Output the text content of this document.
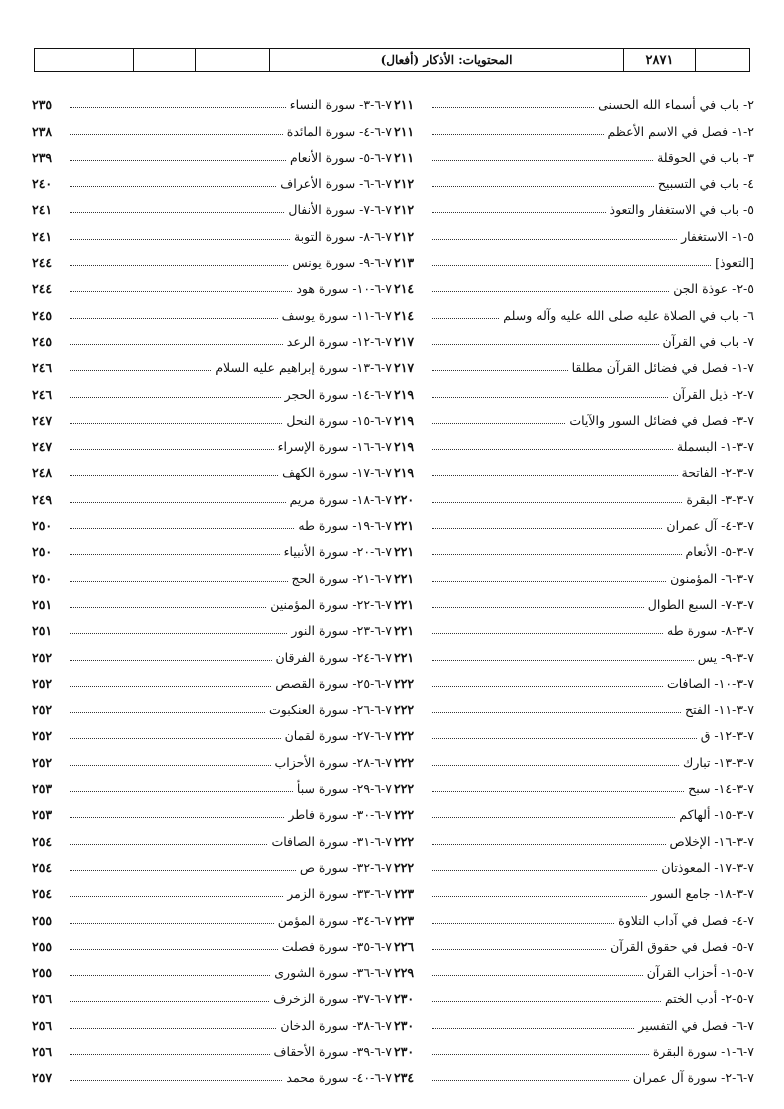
٢٨٧١
المحتويات: الأذكار (أفعال)
٢- باب في أسماء الله الحسنى
٢١١
٢-١- فصل في الاسم الأعظم
٢١١
٣- باب في الحوقلة
٢١١
٤- باب في التسبيح
٢١٢
٥- باب في الاستغفار والتعوذ
٢١٢
٥-١- الاستغفار
٢١٢
[التعوذ]
٢١٣
٥-٢- عوذة الجن
٢١٤
٦- باب في الصلاة عليه صلى الله عليه وآله وسلم
٢١٤
٧- باب في القرآن
٢١٧
٧-١- فصل في فضائل القرآن مطلقا
٢١٧
٧-٢- ذيل القرآن
٢١٩
٧-٣- فصل في فضائل السور والآيات
٢١٩
٧-٣-١- البسملة
٢١٩
٧-٣-٢- الفاتحة
٢١٩
٧-٣-٣- البقرة
٢٢٠
٧-٣-٤- آل عمران
٢٢١
٧-٣-٥- الأنعام
٢٢١
٧-٣-٦- المؤمنون
٢٢١
٧-٣-٧- السبع الطوال
٢٢١
٧-٣-٨- سورة طه
٢٢١
٧-٣-٩- يس
٢٢١
٧-٣-١٠- الصافات
٢٢٢
٧-٣-١١- الفتح
٢٢٢
٧-٣-١٢- ق
٢٢٢
٧-٣-١٣- تبارك
٢٢٢
٧-٣-١٤- سبح
٢٢٢
٧-٣-١٥- ألهاكم
٢٢٢
٧-٣-١٦- الإخلاص
٢٢٢
٧-٣-١٧- المعوذتان
٢٢٢
٧-٣-١٨- جامع السور
٢٢٣
٧-٤- فصل في آداب التلاوة
٢٢٣
٧-٥- فصل في حقوق القرآن
٢٢٦
٧-٥-١- أحزاب القرآن
٢٢٩
٧-٥-٢- أدب الختم
٢٣٠
٧-٦- فصل في التفسير
٢٣٠
٧-٦-١- سورة البقرة
٢٣٠
٧-٦-٢- سورة آل عمران
٢٣٤
٧-٦-٣- سورة النساء
٢٣٥
٧-٦-٤- سورة المائدة
٢٣٨
٧-٦-٥- سورة الأنعام
٢٣٩
٧-٦-٦- سورة الأعراف
٢٤٠
٧-٦-٧- سورة الأنفال
٢٤١
٧-٦-٨- سورة التوبة
٢٤١
٧-٦-٩- سورة يونس
٢٤٤
٧-٦-١٠- سورة هود
٢٤٤
٧-٦-١١- سورة يوسف
٢٤٥
٧-٦-١٢- سورة الرعد
٢٤٥
٧-٦-١٣- سورة إبراهيم عليه السلام
٢٤٦
٧-٦-١٤- سورة الحجر
٢٤٦
٧-٦-١٥- سورة النحل
٢٤٧
٧-٦-١٦- سورة الإسراء
٢٤٧
٧-٦-١٧- سورة الكهف
٢٤٨
٧-٦-١٨- سورة مريم
٢٤٩
٧-٦-١٩- سورة طه
٢٥٠
٧-٦-٢٠- سورة الأنبياء
٢٥٠
٧-٦-٢١- سورة الحج
٢٥٠
٧-٦-٢٢- سورة المؤمنين
٢٥١
٧-٦-٢٣- سورة النور
٢٥١
٧-٦-٢٤- سورة الفرقان
٢٥٢
٧-٦-٢٥- سورة القصص
٢٥٢
٧-٦-٢٦- سورة العنكبوت
٢٥٢
٧-٦-٢٧- سورة لقمان
٢٥٢
٧-٦-٢٨- سورة الأحزاب
٢٥٢
٧-٦-٢٩- سورة سبأ
٢٥٣
٧-٦-٣٠- سورة فاطر
٢٥٣
٧-٦-٣١- سورة الصافات
٢٥٤
٧-٦-٣٢- سورة ص
٢٥٤
٧-٦-٣٣- سورة الزمر
٢٥٤
٧-٦-٣٤- سورة المؤمن
٢٥٥
٧-٦-٣٥- سورة فصلت
٢٥٥
٧-٦-٣٦- سورة الشورى
٢٥٥
٧-٦-٣٧- سورة الزخرف
٢٥٦
٧-٦-٣٨- سورة الدخان
٢٥٦
٧-٦-٣٩- سورة الأحقاف
٢٥٦
٧-٦-٤٠- سورة محمد
٢٥٧
